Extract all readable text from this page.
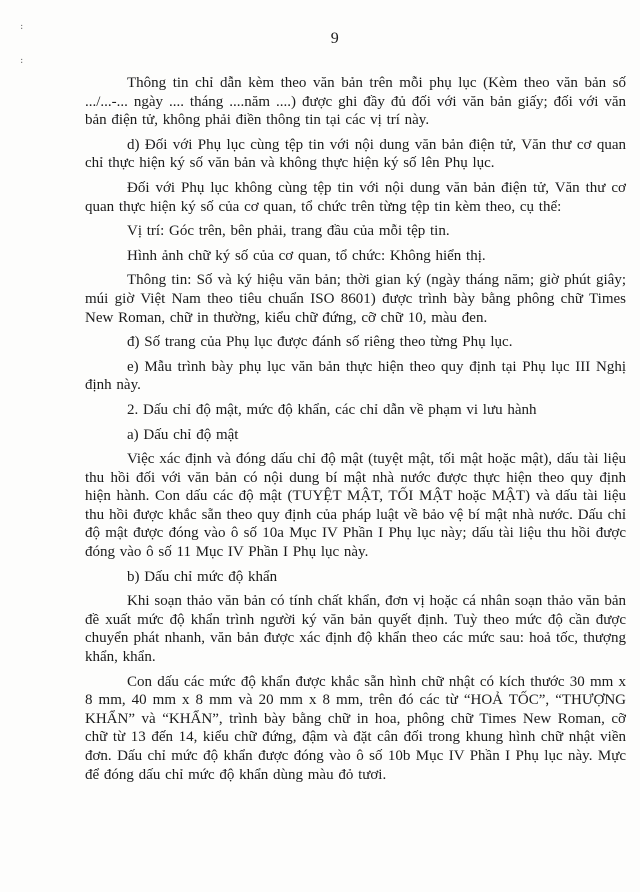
:
:
9

Thông tin chỉ dẫn kèm theo văn bản trên mỗi phụ lục (Kèm theo văn bản số .../...-... ngày .... tháng ....năm ....) được ghi đầy đủ đối với văn bản giấy; đối với văn bản điện tử, không phải điền thông tin tại các vị trí này.

d) Đối với Phụ lục cùng tệp tin với nội dung văn bản điện tử, Văn thư cơ quan chỉ thực hiện ký số văn bản và không thực hiện ký số lên Phụ lục.

Đối với Phụ lục không cùng tệp tin với nội dung văn bản điện tử, Văn thư cơ quan thực hiện ký số của cơ quan, tổ chức trên từng tệp tin kèm theo, cụ thể:

Vị trí: Góc trên, bên phải, trang đầu của mỗi tệp tin.

Hình ảnh chữ ký số của cơ quan, tổ chức: Không hiển thị.

Thông tin: Số và ký hiệu văn bản; thời gian ký (ngày tháng năm; giờ phút giây; múi giờ Việt Nam theo tiêu chuẩn ISO 8601) được trình bày bằng phông chữ Times New Roman, chữ in thường, kiểu chữ đứng, cỡ chữ 10, màu đen.

đ) Số trang của Phụ lục được đánh số riêng theo từng Phụ lục.

e) Mẫu trình bày phụ lục văn bản thực hiện theo quy định tại Phụ lục III Nghị định này.

2. Dấu chỉ độ mật, mức độ khẩn, các chỉ dẫn về phạm vi lưu hành

a) Dấu chỉ độ mật

Việc xác định và đóng dấu chỉ độ mật (tuyệt mật, tối mật hoặc mật), dấu tài liệu thu hồi đối với văn bản có nội dung bí mật nhà nước được thực hiện theo quy định hiện hành. Con dấu các độ mật (TUYỆT MẬT, TỐI MẬT hoặc MẬT) và dấu tài liệu thu hồi được khắc sẵn theo quy định của pháp luật về bảo vệ bí mật nhà nước. Dấu chỉ độ mật được đóng vào ô số 10a Mục IV Phần I Phụ lục này; dấu tài liệu thu hồi được đóng vào ô số 11 Mục IV Phần I Phụ lục này.

b) Dấu chỉ mức độ khẩn

Khi soạn thảo văn bản có tính chất khẩn, đơn vị hoặc cá nhân soạn thảo văn bản đề xuất mức độ khẩn trình người ký văn bản quyết định. Tuỳ theo mức độ cần được chuyển phát nhanh, văn bản được xác định độ khẩn theo các mức sau: hoả tốc, thượng khẩn, khẩn.

Con dấu các mức độ khẩn được khắc sẵn hình chữ nhật có kích thước 30 mm x 8 mm, 40 mm x 8 mm và 20 mm x 8 mm, trên đó các từ “HOẢ TỐC”, “THƯỢNG KHẨN” và “KHẨN”, trình bày bằng chữ in hoa, phông chữ Times New Roman, cỡ chữ từ 13 đến 14, kiểu chữ đứng, đậm và đặt cân đối trong khung hình chữ nhật viền đơn. Dấu chỉ mức độ khẩn được đóng vào ô số 10b Mục IV Phần I Phụ lục này. Mực để đóng dấu chỉ mức độ khẩn dùng màu đỏ tươi.
